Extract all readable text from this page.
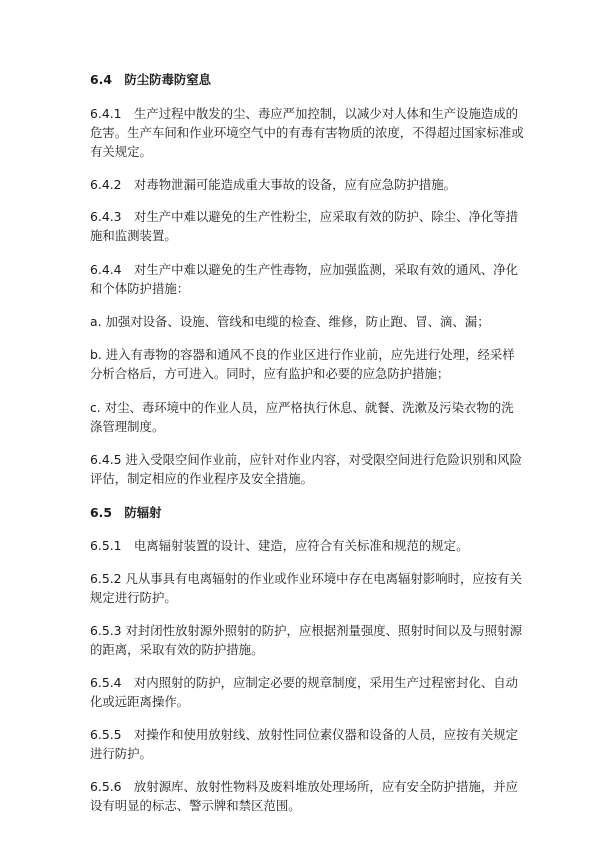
6.4　防尘防毒防窒息

6.4.1　生产过程中散发的尘、毒应严加控制，以减少对人体和生产设施造成的

危害。生产车间和作业环境空气中的有毒有害物质的浓度，不得超过国家标准或

有关规定。

6.4.2　对毒物泄漏可能造成重大事故的设备，应有应急防护措施。

6.4.3　对生产中难以避免的生产性粉尘，应采取有效的防护、除尘、净化等措

施和监测装置。

6.4.4　对生产中难以避免的生产性毒物，应加强监测，采取有效的通风、净化

和个体防护措施：

a. 加强对设备、设施、管线和电缆的检查、维修，防止跑、冒、滴、漏；

b. 进入有毒物的容器和通风不良的作业区进行作业前，应先进行处理，经采样

分析合格后，方可进入。同时，应有监护和必要的应急防护措施；

c. 对尘、毒环境中的作业人员，应严格执行休息、就餐、洗漱及污染衣物的洗

涤管理制度。

6.4.5 进入受限空间作业前，应针对作业内容，对受限空间进行危险识别和风险

评估，制定相应的作业程序及安全措施。

6.5　防辐射

6.5.1　电离辐射装置的设计、建造，应符合有关标准和规范的规定。

6.5.2 凡从事具有电离辐射的作业或作业环境中存在电离辐射影响时，应按有关

规定进行防护。

6.5.3 对封闭性放射源外照射的防护，应根据剂量强度、照射时间以及与照射源

的距离，采取有效的防护措施。

6.5.4　对内照射的防护，应制定必要的规章制度，采用生产过程密封化、自动

化或远距离操作。

6.5.5　对操作和使用放射线、放射性同位素仪器和设备的人员，应按有关规定

进行防护。

6.5.6　放射源库、放射性物料及废料堆放处理场所，应有安全防护措施，并应

设有明显的标志、警示牌和禁区范围。
